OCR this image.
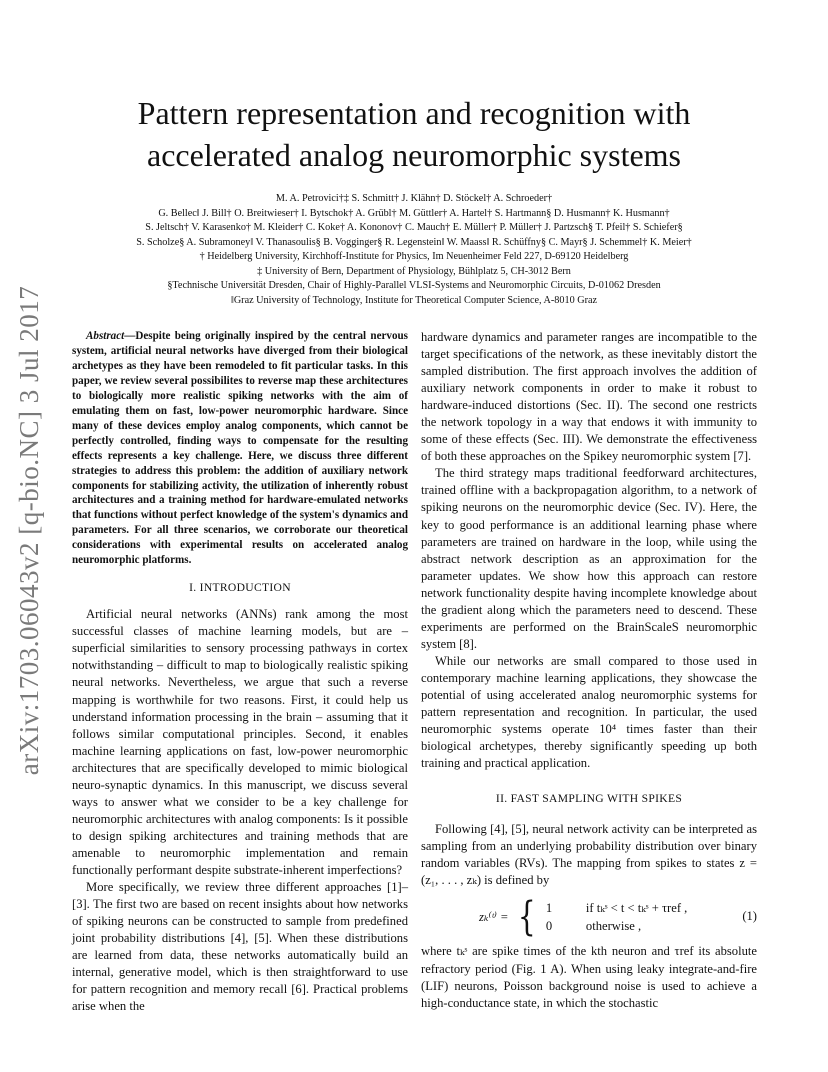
arXiv:1703.06043v2 [q-bio.NC] 3 Jul 2017
Pattern representation and recognition with
accelerated analog neuromorphic systems
M. A. Petrovici†‡ S. Schmitt† J. Klähn† D. Stöckel† A. Schroeder†
G. Bellec‖ J. Bill† O. Breitwieser† I. Bytschok† A. Grübl† M. Güttler† A. Hartel† S. Hartmann§ D. Husmann† K. Husmann†
S. Jeltsch† V. Karasenko† M. Kleider† C. Koke† A. Kononov† C. Mauch† E. Müller† P. Müller† J. Partzsch§ T. Pfeil† S. Schiefer§
S. Scholze§ A. Subramoney‖ V. Thanasoulis§ B. Vogginger§ R. Legenstein‖ W. Maass‖ R. Schüffny§ C. Mayr§ J. Schemmel† K. Meier†
† Heidelberg University, Kirchhoff-Institute for Physics, Im Neuenheimer Feld 227, D-69120 Heidelberg
‡ University of Bern, Department of Physiology, Bühlplatz 5, CH-3012 Bern
§Technische Universität Dresden, Chair of Highly-Parallel VLSI-Systems and Neuromorphic Circuits, D-01062 Dresden
‖Graz University of Technology, Institute for Theoretical Computer Science, A-8010 Graz

Abstract—Despite being originally inspired by the central nervous system, artificial neural networks have diverged from their biological archetypes as they have been remodeled to fit particular tasks. In this paper, we review several possibilites to reverse map these architectures to biologically more realistic spiking networks with the aim of emulating them on fast, low-power neuromorphic hardware. Since many of these devices employ analog components, which cannot be perfectly controlled, finding ways to compensate for the resulting effects represents a key challenge. Here, we discuss three different strategies to address this problem: the addition of auxiliary network components for stabilizing activity, the utilization of inherently robust architectures and a training method for hardware-emulated networks that functions without perfect knowledge of the system's dynamics and parameters. For all three scenarios, we corroborate our theoretical considerations with experimental results on accelerated analog neuromorphic platforms.

I. INTRODUCTION

Artificial neural networks (ANNs) rank among the most successful classes of machine learning models, but are – superficial similarities to sensory processing pathways in cortex notwithstanding – difficult to map to biologically realistic spiking neural networks. Nevertheless, we argue that such a reverse mapping is worthwhile for two reasons. First, it could help us understand information processing in the brain – assuming that it follows similar computational principles. Second, it enables machine learning applications on fast, low-power neuromorphic architectures that are specifically developed to mimic biological neuro-synaptic dynamics. In this manuscript, we discuss several ways to answer what we consider to be a key challenge for neuromorphic architectures with analog components: Is it possible to design spiking architectures and training methods that are amenable to neuromorphic implementation and remain functionally performant despite substrate-inherent imperfections?

More specifically, we review three different approaches [1]–[3]. The first two are based on recent insights about how networks of spiking neurons can be constructed to sample from predefined joint probability distributions [4], [5]. When these distributions are learned from data, these networks automatically build an internal, generative model, which is then straightforward to use for pattern recognition and memory recall [6]. Practical problems arise when the

hardware dynamics and parameter ranges are incompatible to the target specifications of the network, as these inevitably distort the sampled distribution. The first approach involves the addition of auxiliary network components in order to make it robust to hardware-induced distortions (Sec. II). The second one restricts the network topology in a way that endows it with immunity to some of these effects (Sec. III). We demonstrate the effectiveness of both these approaches on the Spikey neuromorphic system [7].

The third strategy maps traditional feedforward architectures, trained offline with a backpropagation algorithm, to a network of spiking neurons on the neuromorphic device (Sec. IV). Here, the key to good performance is an additional learning phase where parameters are trained on hardware in the loop, while using the abstract network description as an approximation for the parameter updates. We show how this approach can restore network functionality despite having incomplete knowledge about the gradient along which the parameters need to descend. These experiments are performed on the BrainScaleS neuromorphic system [8].

While our networks are small compared to those used in contemporary machine learning applications, they showcase the potential of using accelerated analog neuromorphic systems for pattern representation and recognition. In particular, the used neuromorphic systems operate 10⁴ times faster than their biological archetypes, thereby significantly speeding up both training and practical application.

II. FAST SAMPLING WITH SPIKES

Following [4], [5], neural network activity can be interpreted as sampling from an underlying probability distribution over binary random variables (RVs). The mapping from spikes to states z = (z₁, . . . , zₖ) is defined by

zₖ⁽ᵗ⁾ = { 1	if tₖˢ < t < tₖˢ + τref ,
0	otherwise ,
(1)

where tₖˢ are spike times of the kth neuron and τref its absolute refractory period (Fig. 1 A). When using leaky integrate-and-fire (LIF) neurons, Poisson background noise is used to achieve a high-conductance state, in which the stochastic
